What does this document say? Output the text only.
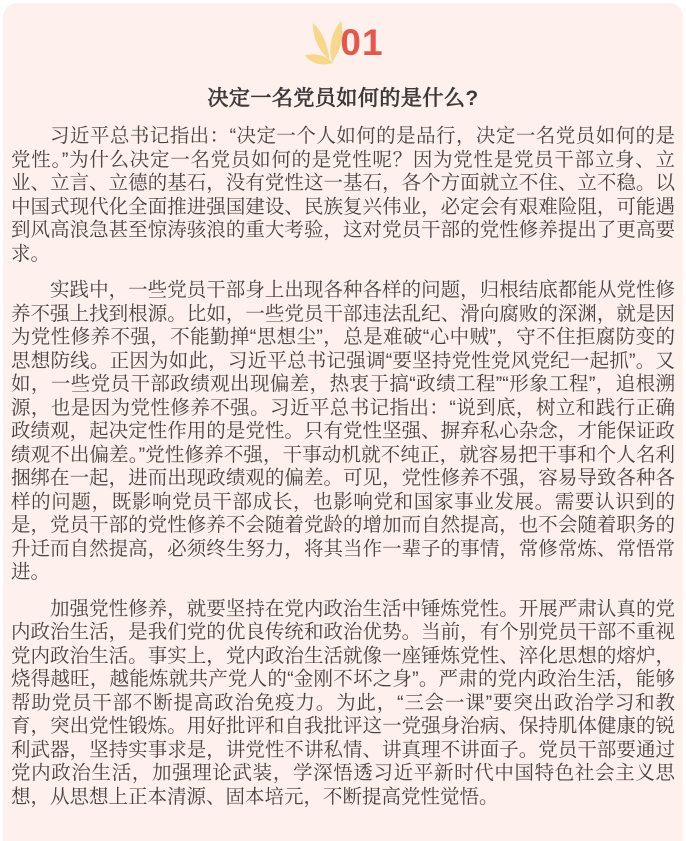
01
决定一名党员如何的是什么?

习近平总书记指出：“决定一个人如何的是品行，决定一名党员如何的是党性。”为什么决定一名党员如何的是党性呢？因为党性是党员干部立身、立业、立言、立德的基石，没有党性这一基石，各个方面就立不住、立不稳。以中国式现代化全面推进强国建设、民族复兴伟业，必定会有艰难险阻，可能遇到风高浪急甚至惊涛骇浪的重大考验，这对党员干部的党性修养提出了更高要求。

实践中，一些党员干部身上出现各种各样的问题，归根结底都能从党性修养不强上找到根源。比如，一些党员干部违法乱纪、滑向腐败的深渊，就是因为党性修养不强，不能勤掸“思想尘”，总是难破“心中贼”，守不住拒腐防变的思想防线。正因为如此，习近平总书记强调“要坚持党性党风党纪一起抓”。又如，一些党员干部政绩观出现偏差，热衷于搞“政绩工程”“形象工程”，追根溯源，也是因为党性修养不强。习近平总书记指出：“说到底，树立和践行正确政绩观，起决定性作用的是党性。只有党性坚强、摒弃私心杂念，才能保证政绩观不出偏差。”党性修养不强，干事动机就不纯正，就容易把干事和个人名利捆绑在一起，进而出现政绩观的偏差。可见，党性修养不强，容易导致各种各样的问题，既影响党员干部成长，也影响党和国家事业发展。需要认识到的是，党员干部的党性修养不会随着党龄的增加而自然提高，也不会随着职务的升迁而自然提高，必须终生努力，将其当作一辈子的事情，常修常炼、常悟常进。

加强党性修养，就要坚持在党内政治生活中锤炼党性。开展严肃认真的党内政治生活，是我们党的优良传统和政治优势。当前，有个别党员干部不重视党内政治生活。事实上，党内政治生活就像一座锤炼党性、淬化思想的熔炉，烧得越旺，越能炼就共产党人的“金刚不坏之身”。严肃的党内政治生活，能够帮助党员干部不断提高政治免疫力。为此，“三会一课”要突出政治学习和教育，突出党性锻炼。用好批评和自我批评这一党强身治病、保持肌体健康的锐利武器，坚持实事求是，讲党性不讲私情、讲真理不讲面子。党员干部要通过党内政治生活，加强理论武装，学深悟透习近平新时代中国特色社会主义思想，从思想上正本清源、固本培元，不断提高党性觉悟。
